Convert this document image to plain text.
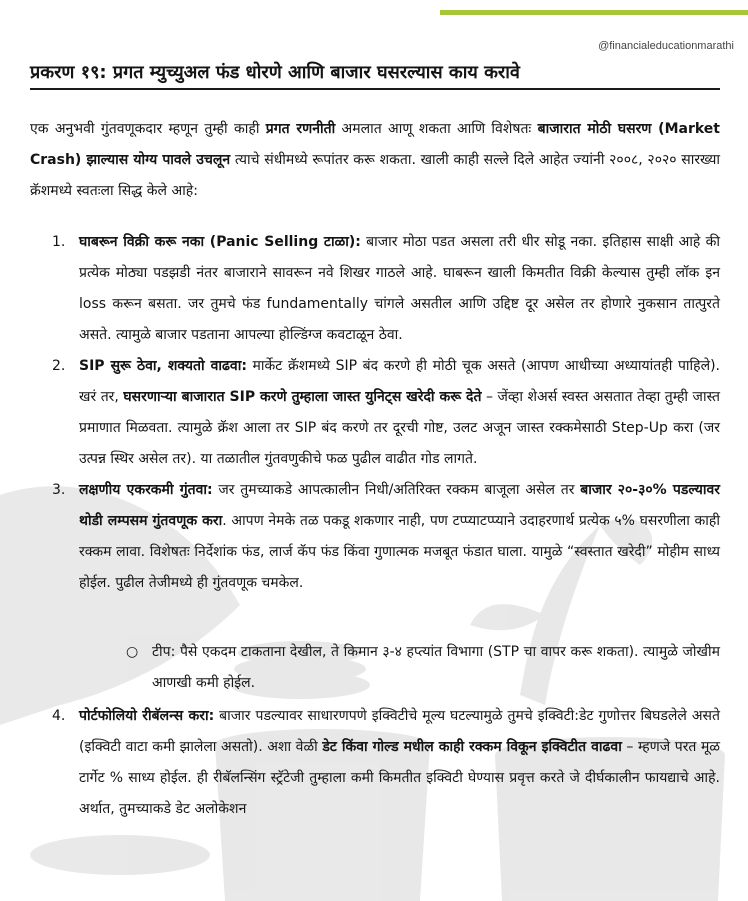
@financialeducationmarathi
प्रकरण १९: प्रगत म्युच्युअल फंड धोरणे आणि बाजार घसरल्यास काय करावे

एक अनुभवी गुंतवणूकदार म्हणून तुम्ही काही प्रगत रणनीती अमलात आणू शकता आणि विशेषतः बाजारात मोठी घसरण (Market Crash) झाल्यास योग्य पावले उचलून त्याचे संधीमध्ये रूपांतर करू शकता. खाली काही सल्ले दिले आहेत ज्यांनी २००८, २०२० सारख्या क्रॅशमध्ये स्वतःला सिद्ध केले आहे:

1. घाबरून विक्री करू नका (Panic Selling टाळा): बाजार मोठा पडत असला तरी धीर सोडू नका. इतिहास साक्षी आहे की प्रत्येक मोठ्या पडझडी नंतर बाजाराने सावरून नवे शिखर गाठले आहे. घाबरून खाली किमतीत विक्री केल्यास तुम्ही लॉक इन loss करून बसता. जर तुमचे फंड fundamentally चांगले असतील आणि उद्दिष्ट दूर असेल तर होणारे नुकसान तात्पुरते असते. त्यामुळे बाजार पडताना आपल्या होल्डिंग्ज कवटाळून ठेवा.
2. SIP सुरू ठेवा, शक्यतो वाढवा: मार्केट क्रॅशमध्ये SIP बंद करणे ही मोठी चूक असते (आपण आधीच्या अध्यायांतही पाहिले). खरं तर, घसरणाऱ्या बाजारात SIP करणे तुम्हाला जास्त युनिट्स खरेदी करू देते – जेंव्हा शेअर्स स्वस्त असतात तेव्हा तुम्ही जास्त प्रमाणात मिळवता. त्यामुळे क्रॅश आला तर SIP बंद करणे तर दूरची गोष्ट, उलट अजून जास्त रक्कमेसाठी Step-Up करा (जर उत्पन्न स्थिर असेल तर). या तळातील गुंतवणुकीचे फळ पुढील वाढीत गोड लागते.
3. लक्षणीय एकरकमी गुंतवा: जर तुमच्याकडे आपत्कालीन निधी/अतिरिक्त रक्कम बाजूला असेल तर बाजार २०-३०% पडल्यावर थोडी लम्पसम गुंतवणूक करा. आपण नेमके तळ पकडू शकणार नाही, पण टप्प्याटप्प्याने उदाहरणार्थ प्रत्येक ५% घसरणीला काही रक्कम लावा. विशेषतः निर्देशांक फंड, लार्ज कॅप फंड किंवा गुणात्मक मजबूत फंडात घाला. यामुळे “स्वस्तात खरेदी” मोहीम साध्य होईल. पुढील तेजीमध्ये ही गुंतवणूक चमकेल.
○ टीप: पैसे एकदम टाकताना देखील, ते किमान ३-४ हप्त्यांत विभागा (STP चा वापर करू शकता). त्यामुळे जोखीम आणखी कमी होईल.
4. पोर्टफोलियो रीबॅलन्स करा: बाजार पडल्यावर साधारणपणे इक्विटीचे मूल्य घटल्यामुळे तुमचे इक्विटी:डेट गुणोत्तर बिघडलेले असते (इक्विटी वाटा कमी झालेला असतो). अशा वेळी डेट किंवा गोल्ड मधील काही रक्कम विकून इक्विटीत वाढवा – म्हणजे परत मूळ टार्गेट % साध्य होईल. ही रीबॅलन्सिंग स्ट्रॅटेजी तुम्हाला कमी किमतीत इक्विटी घेण्यास प्रवृत्त करते जे दीर्घकालीन फायद्याचे आहे. अर्थात, तुमच्याकडे डेट अलोकेशन
